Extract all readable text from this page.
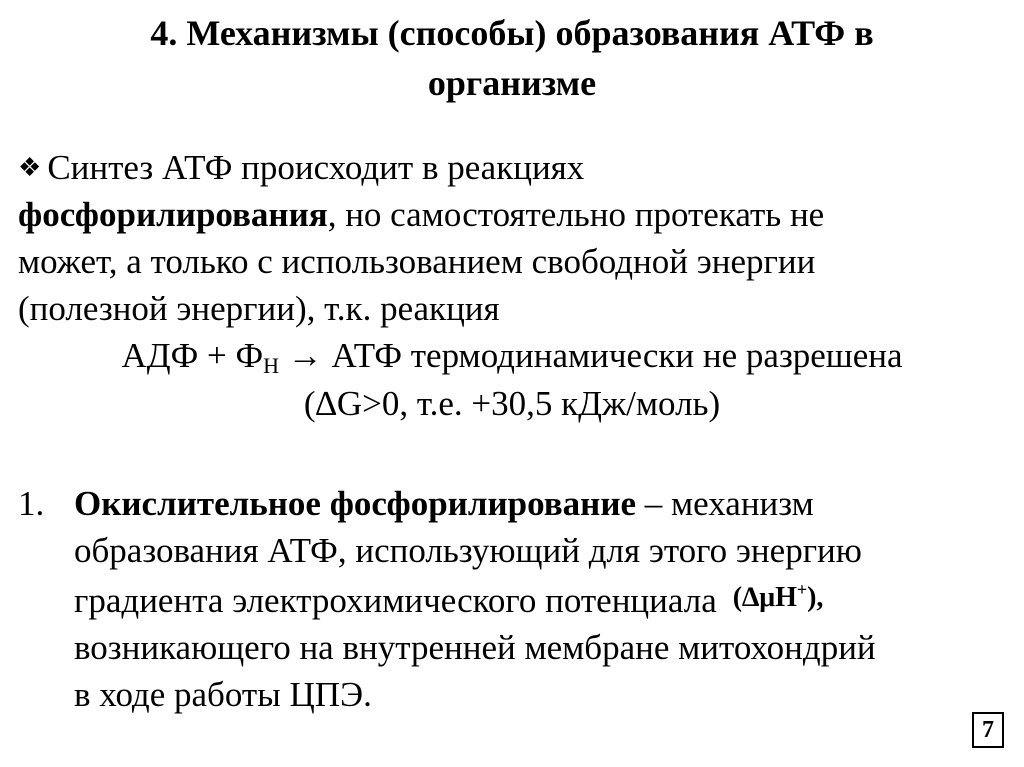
4. Механизмы (способы) образования АТФ в
организме
❖ Синтез АТФ происходит в реакциях
фосфорилирования, но самостоятельно протекать не
может, а только с использованием свободной энергии
(полезной энергии), т.к. реакция
АДФ + $Ф_Н$ → АТФ термодинамически не разрешена
(∆G>0, т.е. +30,5 кДж/моль)
1. Окислительное фосфорилирование – механизм
образования АТФ, использующий для этого энергию
градиента электрохимического потенциала (∆μН+),
возникающего на внутренней мембране митохондрий
в ходе работы ЦПЭ.
7
